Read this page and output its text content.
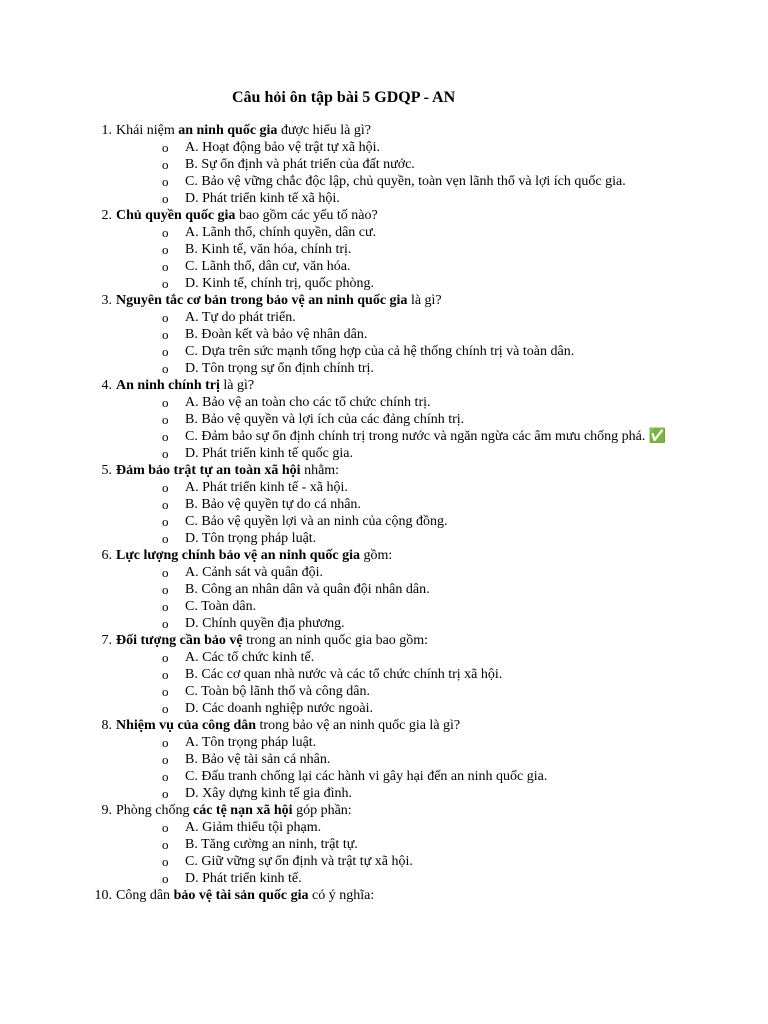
Câu hỏi ôn tập bài 5 GDQP - AN
1. Khái niệm an ninh quốc gia được hiểu là gì?
o A. Hoạt động bảo vệ trật tự xã hội.
o B. Sự ổn định và phát triển của đất nước.
o C. Bảo vệ vững chắc độc lập, chủ quyền, toàn vẹn lãnh thổ và lợi ích quốc gia.
o D. Phát triển kinh tế xã hội.
2. Chủ quyền quốc gia bao gồm các yếu tố nào?
o A. Lãnh thổ, chính quyền, dân cư.
o B. Kinh tế, văn hóa, chính trị.
o C. Lãnh thổ, dân cư, văn hóa.
o D. Kinh tế, chính trị, quốc phòng.
3. Nguyên tắc cơ bản trong bảo vệ an ninh quốc gia là gì?
o A. Tự do phát triển.
o B. Đoàn kết và bảo vệ nhân dân.
o C. Dựa trên sức mạnh tổng hợp của cả hệ thống chính trị và toàn dân.
o D. Tôn trọng sự ổn định chính trị.
4. An ninh chính trị là gì?
o A. Bảo vệ an toàn cho các tổ chức chính trị.
o B. Bảo vệ quyền và lợi ích của các đảng chính trị.
o C. Đảm bảo sự ổn định chính trị trong nước và ngăn ngừa các âm mưu chống phá. ✅
o D. Phát triển kinh tế quốc gia.
5. Đảm bảo trật tự an toàn xã hội nhằm:
o A. Phát triển kinh tế - xã hội.
o B. Bảo vệ quyền tự do cá nhân.
o C. Bảo vệ quyền lợi và an ninh của cộng đồng.
o D. Tôn trọng pháp luật.
6. Lực lượng chính bảo vệ an ninh quốc gia gồm:
o A. Cảnh sát và quân đội.
o B. Công an nhân dân và quân đội nhân dân.
o C. Toàn dân.
o D. Chính quyền địa phương.
7. Đối tượng cần bảo vệ trong an ninh quốc gia bao gồm:
o A. Các tổ chức kinh tế.
o B. Các cơ quan nhà nước và các tổ chức chính trị xã hội.
o C. Toàn bộ lãnh thổ và công dân.
o D. Các doanh nghiệp nước ngoài.
8. Nhiệm vụ của công dân trong bảo vệ an ninh quốc gia là gì?
o A. Tôn trọng pháp luật.
o B. Bảo vệ tài sản cá nhân.
o C. Đấu tranh chống lại các hành vi gây hại đến an ninh quốc gia.
o D. Xây dựng kinh tế gia đình.
9. Phòng chống các tệ nạn xã hội góp phần:
o A. Giảm thiểu tội phạm.
o B. Tăng cường an ninh, trật tự.
o C. Giữ vững sự ổn định và trật tự xã hội.
o D. Phát triển kinh tế.
10. Công dân bảo vệ tài sản quốc gia có ý nghĩa:
